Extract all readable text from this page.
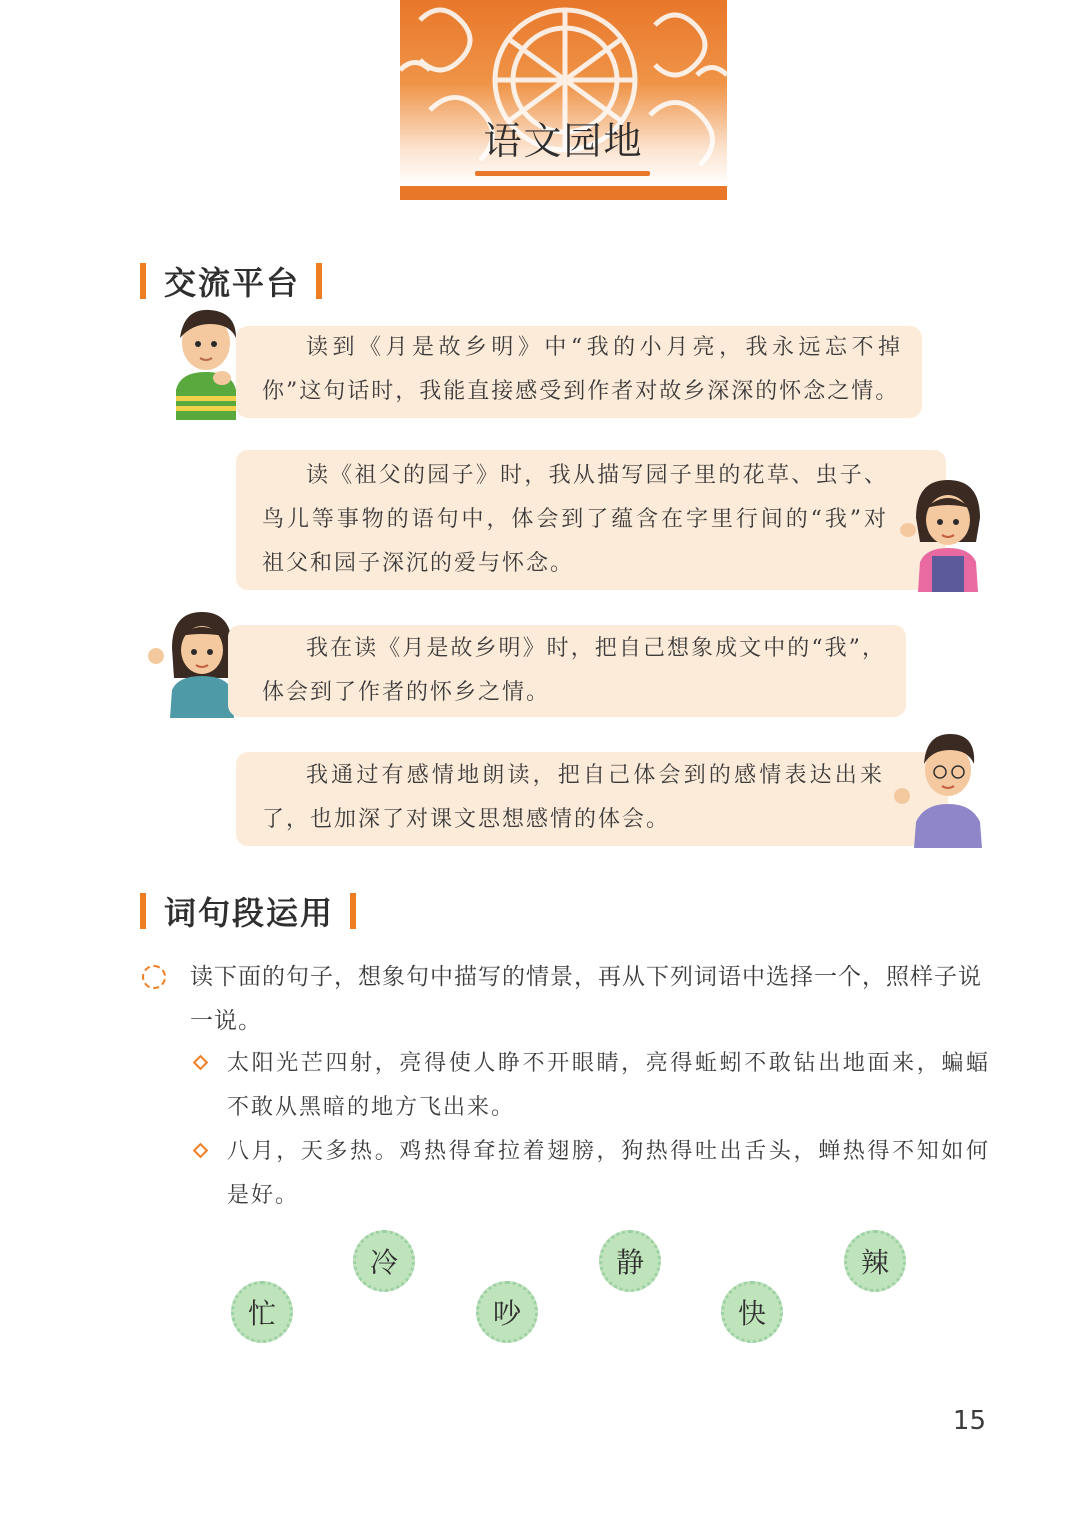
语文园地
交流平台

读到《月是故乡明》中“我的小月亮，我永远忘不掉你”这句话时，我能直接感受到作者对故乡深深的怀念之情。

读《祖父的园子》时，我从描写园子里的花草、虫子、鸟儿等事物的语句中，体会到了蕴含在字里行间的“我”对祖父和园子深沉的爱与怀念。

我在读《月是故乡明》时，把自己想象成文中的“我”，体会到了作者的怀乡之情。

我通过有感情地朗读，把自己体会到的感情表达出来了，也加深了对课文思想感情的体会。

词句段运用
读下面的句子，想象句中描写的情景，再从下列词语中选择一个，照样子说一说。
太阳光芒四射，亮得使人睁不开眼睛，亮得蚯蚓不敢钻出地面来，蝙蝠不敢从黑暗的地方飞出来。
八月，天多热。鸡热得耷拉着翅膀，狗热得吐出舌头，蝉热得不知如何是好。
忙
冷
吵
静
快
辣
15
